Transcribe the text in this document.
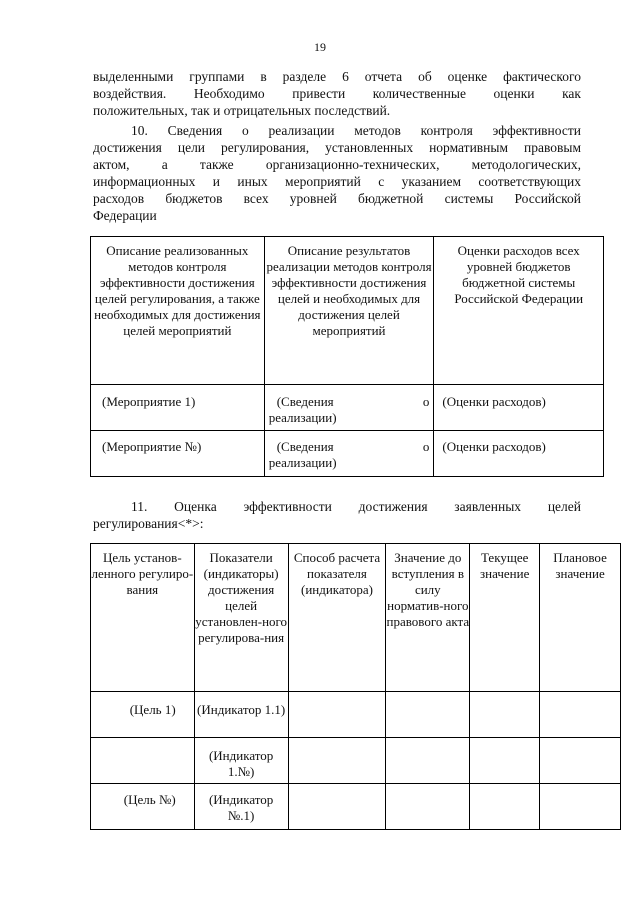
19
выделенными группами в разделе 6 отчета об оценке фактического
воздействия. Необходимо привести количественные оценки как
положительных, так и отрицательных последствий.
10. Сведения о реализации методов контроля эффективности
достижения цели регулирования, установленных нормативным правовым
актом, а также организационно-технических, методологических,
информационных и иных мероприятий с указанием соответствующих
расходов бюджетов всех уровней бюджетной системы Российской
Федерации
Описание реализованных методов контроля эффективности достижения целей регулирования, а также необходимых для достижения целей мероприятий	Описание результатов реализации методов контроля эффективности достижения целей и необходимых для достижения целей мероприятий	Оценки расходов всех уровней бюджетов бюджетной системы Российской Федерации
(Мероприятие 1)	(Сведения о
реализации)	(Оценки расходов)
(Мероприятие №)	(Сведения о
реализации)	(Оценки расходов)
11. Оценка эффективности достижения заявленных целей
регулирования<*>:
Цель установ-ленного регулиро-вания	Показатели (индикаторы) достижения целей установлен-ного регулирова-ния	Способ расчета показателя (индикатора)	Значение до вступления в силу норматив-ного правового акта	Текущее значение	Плановое значение
(Цель 1)	(Индикатор 1.1)				
	(Индикатор 1.№)				
(Цель №)	(Индикатор №.1)				
